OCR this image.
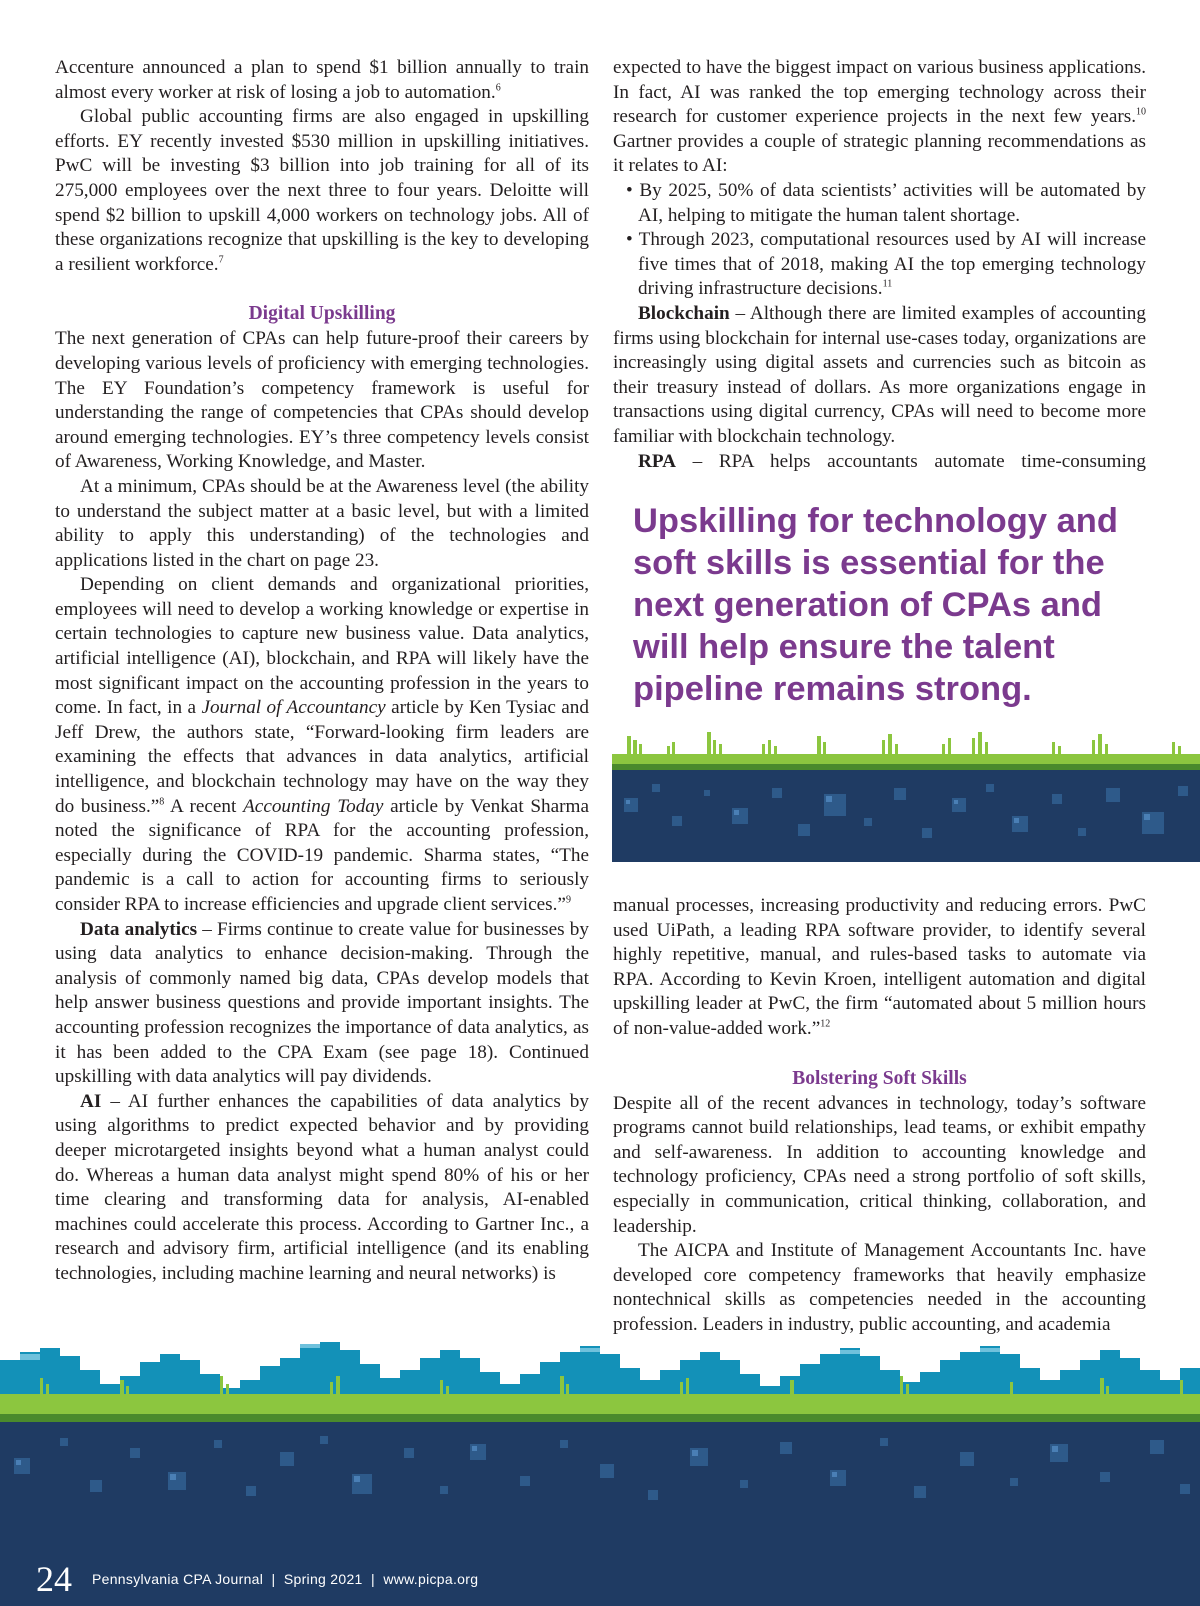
Accenture announced a plan to spend $1 billion annually to train almost every worker at risk of losing a job to automation.$^6$

Global public accounting firms are also engaged in upskilling efforts. EY recently invested $530 million in upskilling initiatives. PwC will be investing $3 billion into job training for all of its 275,000 employees over the next three to four years. Deloitte will spend $2 billion to upskill 4,000 workers on technology jobs. All of these organizations recognize that upskilling is the key to developing a resilient workforce.$^7$

Digital Upskilling

The next generation of CPAs can help future-proof their careers by developing various levels of proficiency with emerging technologies. The EY Foundation’s competency framework is useful for understanding the range of competencies that CPAs should develop around emerging technologies. EY’s three competency levels consist of Awareness, Working Knowledge, and Master.

At a minimum, CPAs should be at the Awareness level (the ability to understand the subject matter at a basic level, but with a limited ability to apply this understanding) of the technologies and applications listed in the chart on page 23.

Depending on client demands and organizational priorities, employees will need to develop a working knowledge or expertise in certain technologies to capture new business value. Data analytics, artificial intelligence (AI), blockchain, and RPA will likely have the most significant impact on the accounting profession in the years to come. In fact, in a Journal of Accountancy article by Ken Tysiac and Jeff Drew, the authors state, “Forward-looking firm leaders are examining the effects that advances in data analytics, artificial intelligence, and blockchain technology may have on the way they do business.”$^8$ A recent Accounting Today article by Venkat Sharma noted the significance of RPA for the accounting profession, especially during the COVID-19 pandemic. Sharma states, “The pandemic is a call to action for accounting firms to seriously consider RPA to increase efficiencies and upgrade client services.”$^9$

Data analytics – Firms continue to create value for businesses by using data analytics to enhance decision-making. Through the analysis of commonly named big data, CPAs develop models that help answer business questions and provide important insights. The accounting profession recognizes the importance of data analytics, as it has been added to the CPA Exam (see page 18). Continued upskilling with data analytics will pay dividends.

AI – AI further enhances the capabilities of data analytics by using algorithms to predict expected behavior and by providing deeper microtargeted insights beyond what a human analyst could do. Whereas a human data analyst might spend 80% of his or her time clearing and transforming data for analysis, AI-enabled machines could accelerate this process. According to Gartner Inc., a research and advisory firm, artificial intelligence (and its enabling technologies, including machine learning and neural networks) is

expected to have the biggest impact on various business applications. In fact, AI was ranked the top emerging technology across their research for customer experience projects in the next few years.$^{10}$ Gartner provides a couple of strategic planning recommendations as it relates to AI:

• By 2025, 50% of data scientists’ activities will be automated by AI, helping to mitigate the human talent shortage.
• Through 2023, computational resources used by AI will increase five times that of 2018, making AI the top emerging technology driving infrastructure decisions.$^{11}$

Blockchain – Although there are limited examples of accounting firms using blockchain for internal use-cases today, organizations are increasingly using digital assets and currencies such as bitcoin as their treasury instead of dollars. As more organizations engage in transactions using digital currency, CPAs will need to become more familiar with blockchain technology.

RPA – RPA helps accountants automate time-consuming

Upskilling for technology and soft skills is essential for the next generation of CPAs and will help ensure the talent pipeline remains strong.

manual processes, increasing productivity and reducing errors. PwC used UiPath, a leading RPA software provider, to identify several highly repetitive, manual, and rules-based tasks to automate via RPA. According to Kevin Kroen, intelligent automation and digital upskilling leader at PwC, the firm “automated about 5 million hours of non-value-added work.”$^{12}$

Bolstering Soft Skills

Despite all of the recent advances in technology, today’s software programs cannot build relationships, lead teams, or exhibit empathy and self-awareness. In addition to accounting knowledge and technology proficiency, CPAs need a strong portfolio of soft skills, especially in communication, critical thinking, collaboration, and leadership.

The AICPA and Institute of Management Accountants Inc. have developed core competency frameworks that heavily emphasize nontechnical skills as competencies needed in the accounting profession. Leaders in industry, public accounting, and academia

24 Pennsylvania CPA Journal  |  Spring 2021  |  www.picpa.org
